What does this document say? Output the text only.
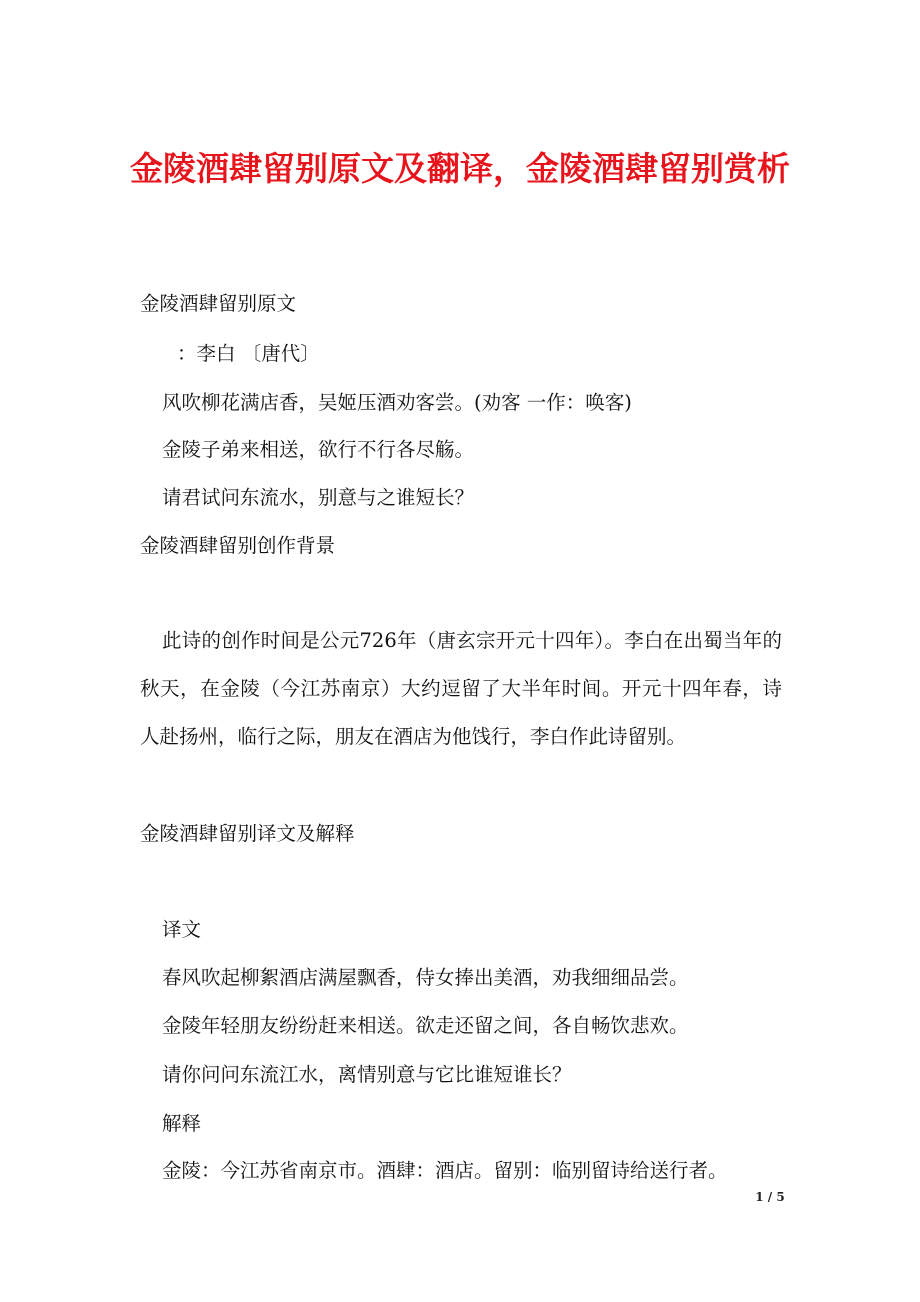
金陵酒肆留别原文及翻译，金陵酒肆留别赏析
金陵酒肆留别原文
：李白 〔唐代〕
风吹柳花满店香，吴姬压酒劝客尝。(劝客 一作：唤客)
金陵子弟来相送，欲行不行各尽觞。
请君试问东流水，别意与之谁短长？
金陵酒肆留别创作背景
此诗的创作时间是公元726年（唐玄宗开元十四年）。李白在出蜀当年的秋天，在金陵（今江苏南京）大约逗留了大半年时间。开元十四年春，诗人赴扬州，临行之际，朋友在酒店为他饯行，李白作此诗留别。
金陵酒肆留别译文及解释
译文
春风吹起柳絮酒店满屋飘香，侍女捧出美酒，劝我细细品尝。
金陵年轻朋友纷纷赶来相送。欲走还留之间，各自畅饮悲欢。
请你问问东流江水，离情别意与它比谁短谁长？
解释
金陵：今江苏省南京市。酒肆：酒店。留别：临别留诗给送行者。
1 / 5
